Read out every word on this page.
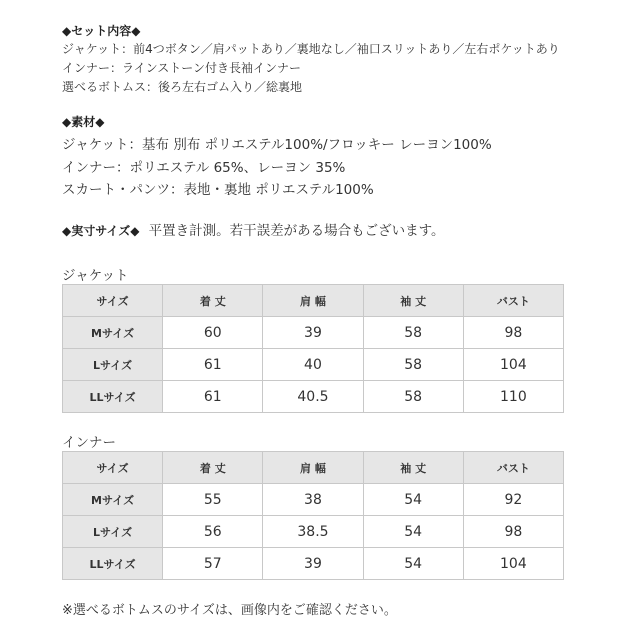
◆セット内容◆
ジャケット：前4つボタン／肩パットあり／裏地なし／袖口スリットあり／左右ポケットあり
インナー：ラインストーン付き長袖インナー
選べるボトムス：後ろ左右ゴム入り／総裏地
◆素材◆
ジャケット：基布 別布 ポリエステル100%/フロッキー レーヨン100%
インナー：ポリエステル 65%、レーヨン 35%
スカート・パンツ：表地・裏地 ポリエステル100%
◆実寸サイズ◆ 平置き計測。若干誤差がある場合もございます。
ジャケット
サイズ	着 丈	肩 幅	袖 丈	バスト
Mサイズ	60	39	58	98
Lサイズ	61	40	58	104
LLサイズ	61	40.5	58	110
インナー
サイズ	着 丈	肩 幅	袖 丈	バスト
Mサイズ	55	38	54	92
Lサイズ	56	38.5	54	98
LLサイズ	57	39	54	104
※選べるボトムスのサイズは、画像内をご確認ください。
